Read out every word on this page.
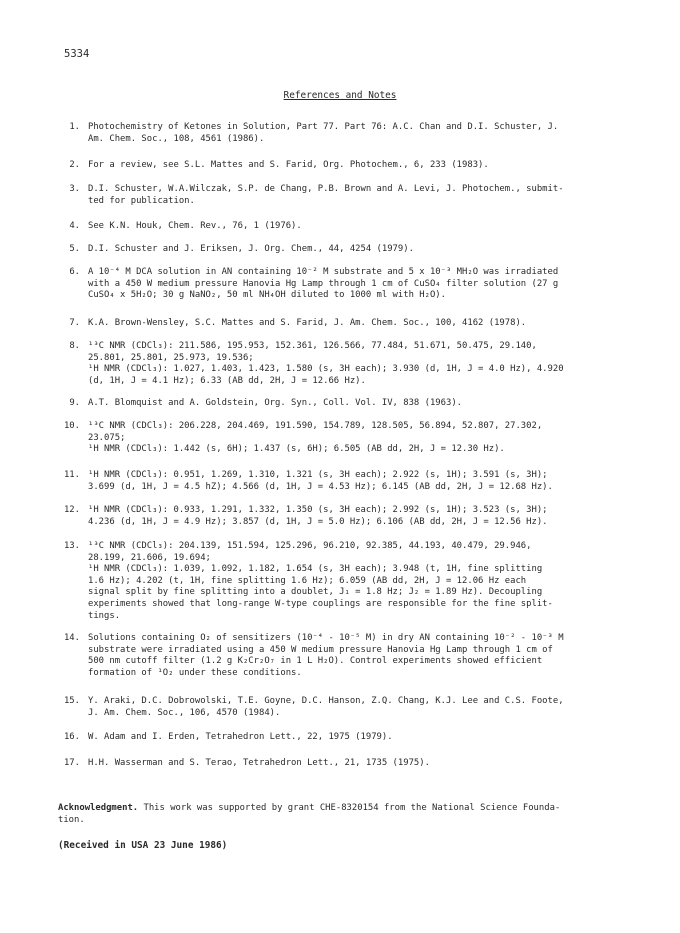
5334
References and Notes
1. Photochemistry of Ketones in Solution, Part 77. Part 76: A.C. Chan and D.I. Schuster, J.
Am. Chem. Soc., 108, 4561 (1986).
2. For a review, see S.L. Mattes and S. Farid, Org. Photochem., 6, 233 (1983).
3. D.I. Schuster, W.A.Wilczak, S.P. de Chang, P.B. Brown and A. Levi, J. Photochem., submit-
ted for publication.
4. See K.N. Houk, Chem. Rev., 76, 1 (1976).
5. D.I. Schuster and J. Eriksen, J. Org. Chem., 44, 4254 (1979).
6. A 10⁻⁴ M DCA solution in AN containing 10⁻² M substrate and 5 x 10⁻³ MH₂O was irradiated
with a 450 W medium pressure Hanovia Hg Lamp through 1 cm of CuSO₄ filter solution (27 g
CuSO₄ x 5H₂O; 30 g NaNO₂, 50 ml NH₄OH diluted to 1000 ml with H₂O).
7. K.A. Brown-Wensley, S.C. Mattes and S. Farid, J. Am. Chem. Soc., 100, 4162 (1978).
8. ¹³C NMR (CDCl₃): 211.586, 195.953, 152.361, 126.566, 77.484, 51.671, 50.475, 29.140,
25.801, 25.801, 25.973, 19.536;
¹H NMR (CDCl₃): 1.027, 1.403, 1.423, 1.580 (s, 3H each); 3.930 (d, 1H, J = 4.0 Hz), 4.920
(d, 1H, J = 4.1 Hz); 6.33 (AB dd, 2H, J = 12.66 Hz).
9. A.T. Blomquist and A. Goldstein, Org. Syn., Coll. Vol. IV, 838 (1963).
10. ¹³C NMR (CDCl₃): 206.228, 204.469, 191.590, 154.789, 128.505, 56.894, 52.807, 27.302,
23.075;
¹H NMR (CDCl₃): 1.442 (s, 6H); 1.437 (s, 6H); 6.505 (AB dd, 2H, J = 12.30 Hz).
11. ¹H NMR (CDCl₃): 0.951, 1.269, 1.310, 1.321 (s, 3H each); 2.922 (s, 1H); 3.591 (s, 3H);
3.699 (d, 1H, J = 4.5 hZ); 4.566 (d, 1H, J = 4.53 Hz); 6.145 (AB dd, 2H, J = 12.68 Hz).
12. ¹H NMR (CDCl₃): 0.933, 1.291, 1.332, 1.350 (s, 3H each); 2.992 (s, 1H); 3.523 (s, 3H);
4.236 (d, 1H, J = 4.9 Hz); 3.857 (d, 1H, J = 5.0 Hz); 6.106 (AB dd, 2H, J = 12.56 Hz).
13. ¹³C NMR (CDCl₃): 204.139, 151.594, 125.296, 96.210, 92.385, 44.193, 40.479, 29.946,
28.199, 21.606, 19.694;
¹H NMR (CDCl₃): 1.039, 1.092, 1.182, 1.654 (s, 3H each); 3.948 (t, 1H, fine splitting
1.6 Hz); 4.202 (t, 1H, fine splitting 1.6 Hz); 6.059 (AB dd, 2H, J = 12.06 Hz each
signal split by fine splitting into a doublet, J₁ = 1.8 Hz; J₂ = 1.89 Hz). Decoupling
experiments showed that long-range W-type couplings are responsible for the fine split-
tings.
14. Solutions containing O₂ of sensitizers (10⁻⁴ - 10⁻⁵ M) in dry AN containing 10⁻² - 10⁻³ M
substrate were irradiated using a 450 W medium pressure Hanovia Hg Lamp through 1 cm of
500 nm cutoff filter (1.2 g K₂Cr₂O₇ in 1 L H₂O). Control experiments showed efficient
formation of ¹O₂ under these conditions.
15. Y. Araki, D.C. Dobrowolski, T.E. Goyne, D.C. Hanson, Z.Q. Chang, K.J. Lee and C.S. Foote,
J. Am. Chem. Soc., 106, 4570 (1984).
16. W. Adam and I. Erden, Tetrahedron Lett., 22, 1975 (1979).
17. H.H. Wasserman and S. Terao, Tetrahedron Lett., 21, 1735 (1975).
Acknowledgment. This work was supported by grant CHE-8320154 from the National Science Founda-
tion.
(Received in USA 23 June 1986)
